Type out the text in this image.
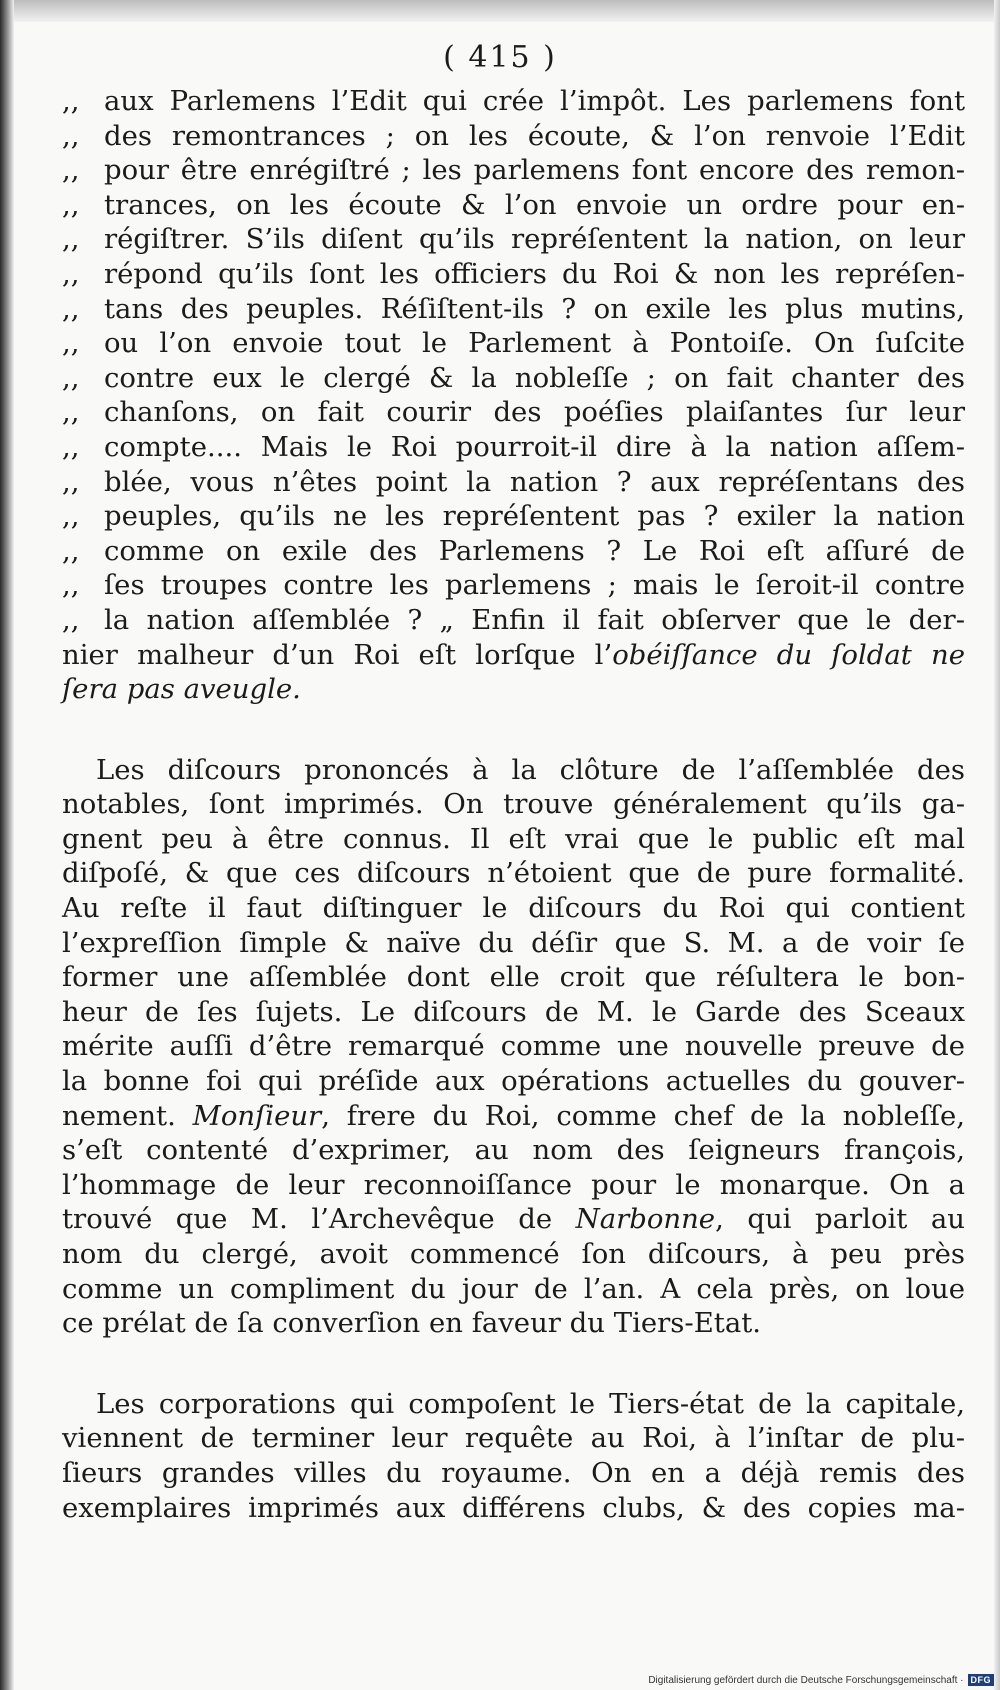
( 415 )
,, aux Parlemens l’Edit qui crée l’impôt. Les parlemens font
,, des remontrances ; on les écoute, & l’on renvoie l’Edit
,, pour être enrégiſtré ; les parlemens font encore des remon-
,, trances, on les écoute & l’on envoie un ordre pour en-
,, régiſtrer. S’ils diſent qu’ils repréſentent la nation, on leur
,, répond qu’ils ſont les officiers du Roi & non les repréſen-
,, tans des peuples. Réſiſtent-ils ? on exile les plus mutins,
,, ou l’on envoie tout le Parlement à Pontoiſe. On ſuſcite
,, contre eux le clergé & la nobleſſe ; on fait chanter des
,, chanſons, on fait courir des poéſies plaiſantes ſur leur
,, compte.... Mais le Roi pourroit-il dire à la nation aſſem-
,, blée, vous n’êtes point la nation ? aux repréſentans des
,, peuples, qu’ils ne les repréſentent pas ? exiler la nation
,, comme on exile des Parlemens ? Le Roi eſt aſſuré de
,, ſes troupes contre les parlemens ; mais le ſeroit-il contre
,, la nation aſſemblée ? „ Enfin il fait obſerver que le der-
nier malheur d’un Roi eſt lorſque l’obéiſſance du ſoldat ne
ſera pas aveugle.
Les diſcours prononcés à la clôture de l’aſſemblée des
notables, ſont imprimés. On trouve généralement qu’ils ga-
gnent peu à être connus. Il eſt vrai que le public eſt mal
diſpoſé, & que ces diſcours n’étoient que de pure formalité.
Au reſte il faut diſtinguer le diſcours du Roi qui contient
l’expreſſion ſimple & naïve du déſir que S. M. a de voir ſe
former une aſſemblée dont elle croit que réſultera le bon-
heur de ſes ſujets. Le diſcours de M. le Garde des Sceaux
mérite auſſi d’être remarqué comme une nouvelle preuve de
la bonne foi qui préſide aux opérations actuelles du gouver-
nement. Monſieur, frere du Roi, comme chef de la nobleſſe,
s’eſt contenté d’exprimer, au nom des ſeigneurs françois,
l’hommage de leur reconnoiſſance pour le monarque. On a
trouvé que M. l’Archevêque de Narbonne, qui parloit au
nom du clergé, avoit commencé ſon diſcours, à peu près
comme un compliment du jour de l’an. A cela près, on loue
ce prélat de ſa converſion en faveur du Tiers-Etat.
Les corporations qui compoſent le Tiers-état de la capitale,
viennent de terminer leur requête au Roi, à l’inſtar de plu-
ſieurs grandes villes du royaume. On en a déjà remis des
exemplaires imprimés aux différens clubs, & des copies ma-
Digitalisierung gefördert durch die Deutsche Forschungsgemeinschaft · DFG
